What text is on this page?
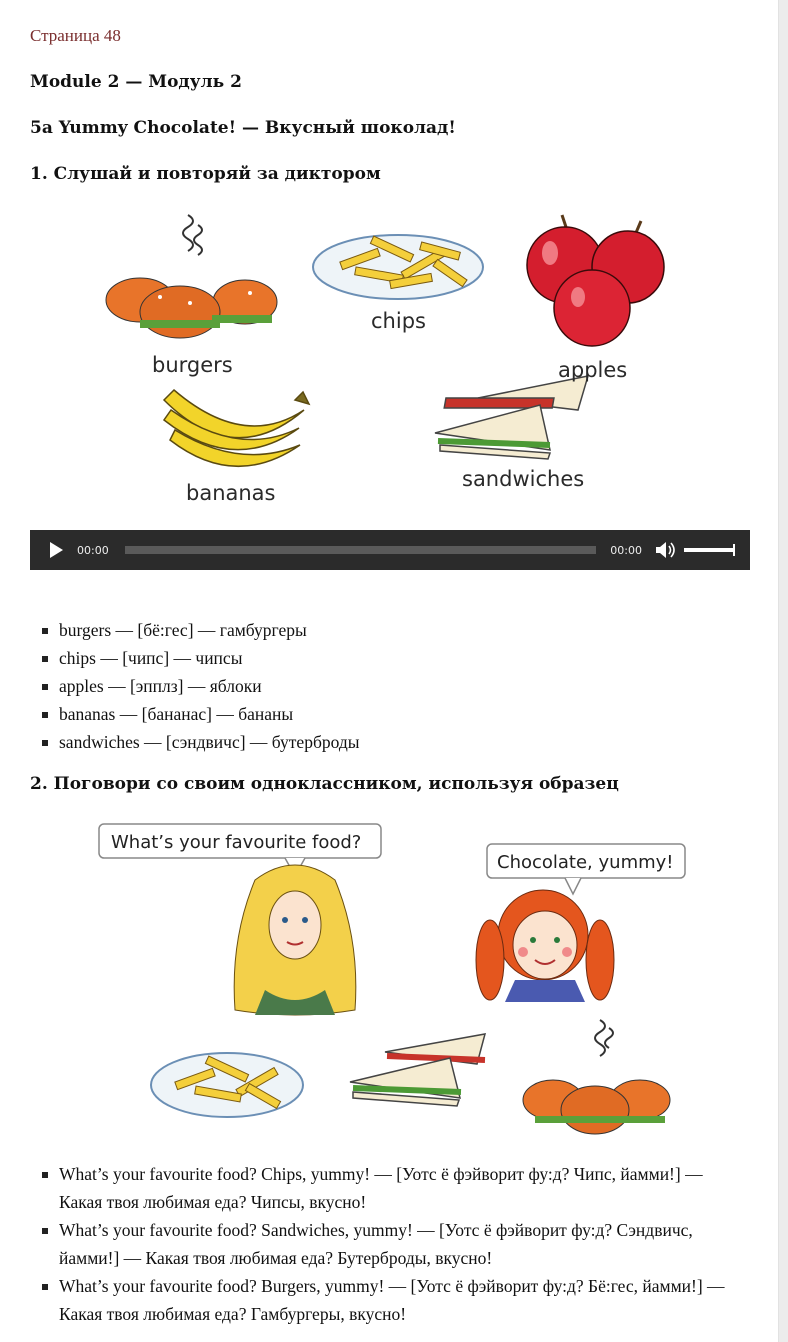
Страница 48
Module 2 — Модуль 2
5a Yummy Chocolate! — Вкусный шоколад!
1. Слушай и повторяй за диктором
burgers
chips
apples
bananas
sandwiches
00:00	00:00
burgers — [бё:гес] — гамбургеры
chips — [чипс] — чипсы
apples — [эпплз] — яблоки
bananas — [бананас] — бананы
sandwiches — [сэндвичс] — бутерброды
2. Поговори со своим одноклассником, используя образец
What’s your favourite food?
Chocolate, yummy!
What’s your favourite food? Chips, yummy! — [Уотс ё фэйворит фу:д? Чипс, йамми!] — Какая твоя любимая еда? Чипсы, вкусно!
What’s your favourite food? Sandwiches, yummy! — [Уотс ё фэйворит фу:д? Сэндвичс, йамми!] — Какая твоя любимая еда? Бутерброды, вкусно!
What’s your favourite food? Burgers, yummy! — [Уотс ё фэйворит фу:д? Бё:гес, йамми!] — Какая твоя любимая еда? Гамбургеры, вкусно!
